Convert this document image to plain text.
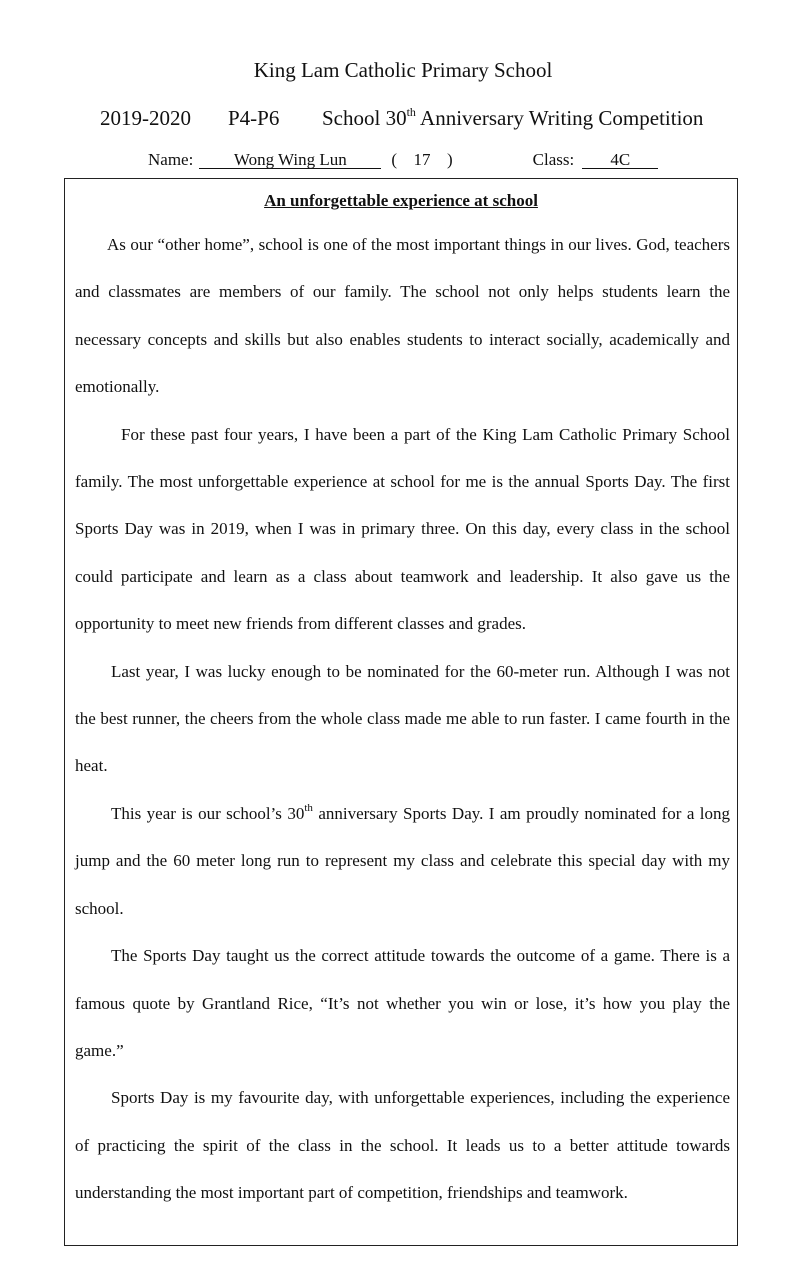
King Lam Catholic Primary School
2019-2020 P4-P6 School 30th Anniversary Writing Competition
Name: Wong Wing Lun	( 17 )	Class: 4C
An unforgettable experience at school

As our “other home”, school is one of the most important things in our lives. God, teachers and classmates are members of our family. The school not only helps students learn the necessary concepts and skills but also enables students to interact socially, academically and emotionally.

For these past four years, I have been a part of the King Lam Catholic Primary School family. The most unforgettable experience at school for me is the annual Sports Day. The first Sports Day was in 2019, when I was in primary three. On this day, every class in the school could participate and learn as a class about teamwork and leadership. It also gave us the opportunity to meet new friends from different classes and grades.

Last year, I was lucky enough to be nominated for the 60-meter run. Although I was not the best runner, the cheers from the whole class made me able to run faster. I came fourth in the heat.

This year is our school’s 30th anniversary Sports Day. I am proudly nominated for a long jump and the 60 meter long run to represent my class and celebrate this special day with my school.

The Sports Day taught us the correct attitude towards the outcome of a game. There is a famous quote by Grantland Rice, “It’s not whether you win or lose, it’s how you play the game.”

Sports Day is my favourite day, with unforgettable experiences, including the experience of practicing the spirit of the class in the school. It leads us to a better attitude towards understanding the most important part of competition, friendships and teamwork.
